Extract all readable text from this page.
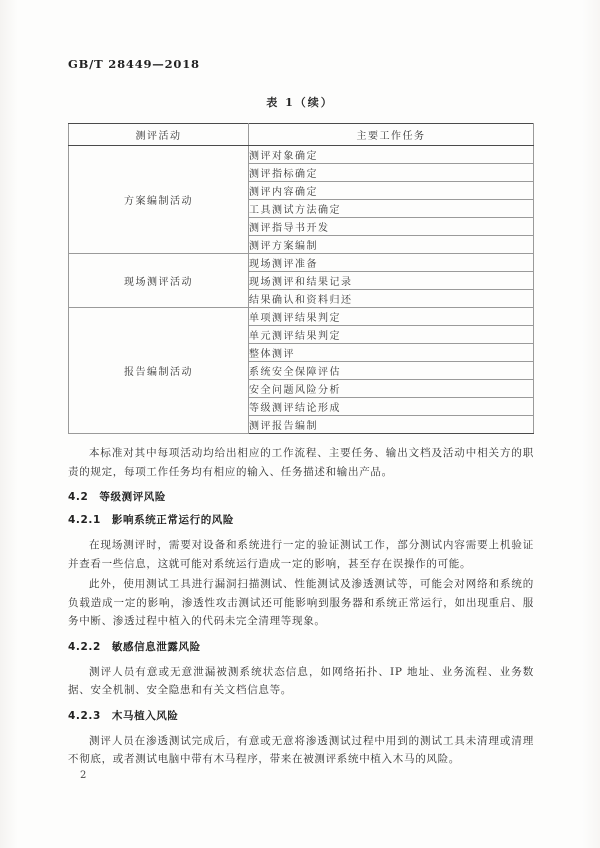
GB/T 28449—2018
表 1（续）
测评活动	主要工作任务
方案编制活动	测评对象确定
	测评指标确定
	测评内容确定
	工具测试方法确定
	测评指导书开发
	测评方案编制
现场测评活动	现场测评准备
	现场测评和结果记录
	结果确认和资料归还
报告编制活动	单项测评结果判定
	单元测评结果判定
	整体测评
	系统安全保障评估
	安全问题风险分析
	等级测评结论形成
	测评报告编制

本标准对其中每项活动均给出相应的工作流程、主要任务、输出文档及活动中相关方的职责的规定，每项工作任务均有相应的输入、任务描述和输出产品。

4.2 等级测评风险
4.2.1 影响系统正常运行的风险

在现场测评时，需要对设备和系统进行一定的验证测试工作，部分测试内容需要上机验证并查看一些信息，这就可能对系统运行造成一定的影响，甚至存在误操作的可能。

此外，使用测试工具进行漏洞扫描测试、性能测试及渗透测试等，可能会对网络和系统的负载造成一定的影响，渗透性攻击测试还可能影响到服务器和系统正常运行，如出现重启、服务中断、渗透过程中植入的代码未完全清理等现象。

4.2.2 敏感信息泄露风险

测评人员有意或无意泄漏被测系统状态信息，如网络拓扑、IP 地址、业务流程、业务数据、安全机制、安全隐患和有关文档信息等。

4.2.3 木马植入风险

测评人员在渗透测试完成后，有意或无意将渗透测试过程中用到的测试工具未清理或清理不彻底，或者测试电脑中带有木马程序，带来在被测评系统中植入木马的风险。

2
